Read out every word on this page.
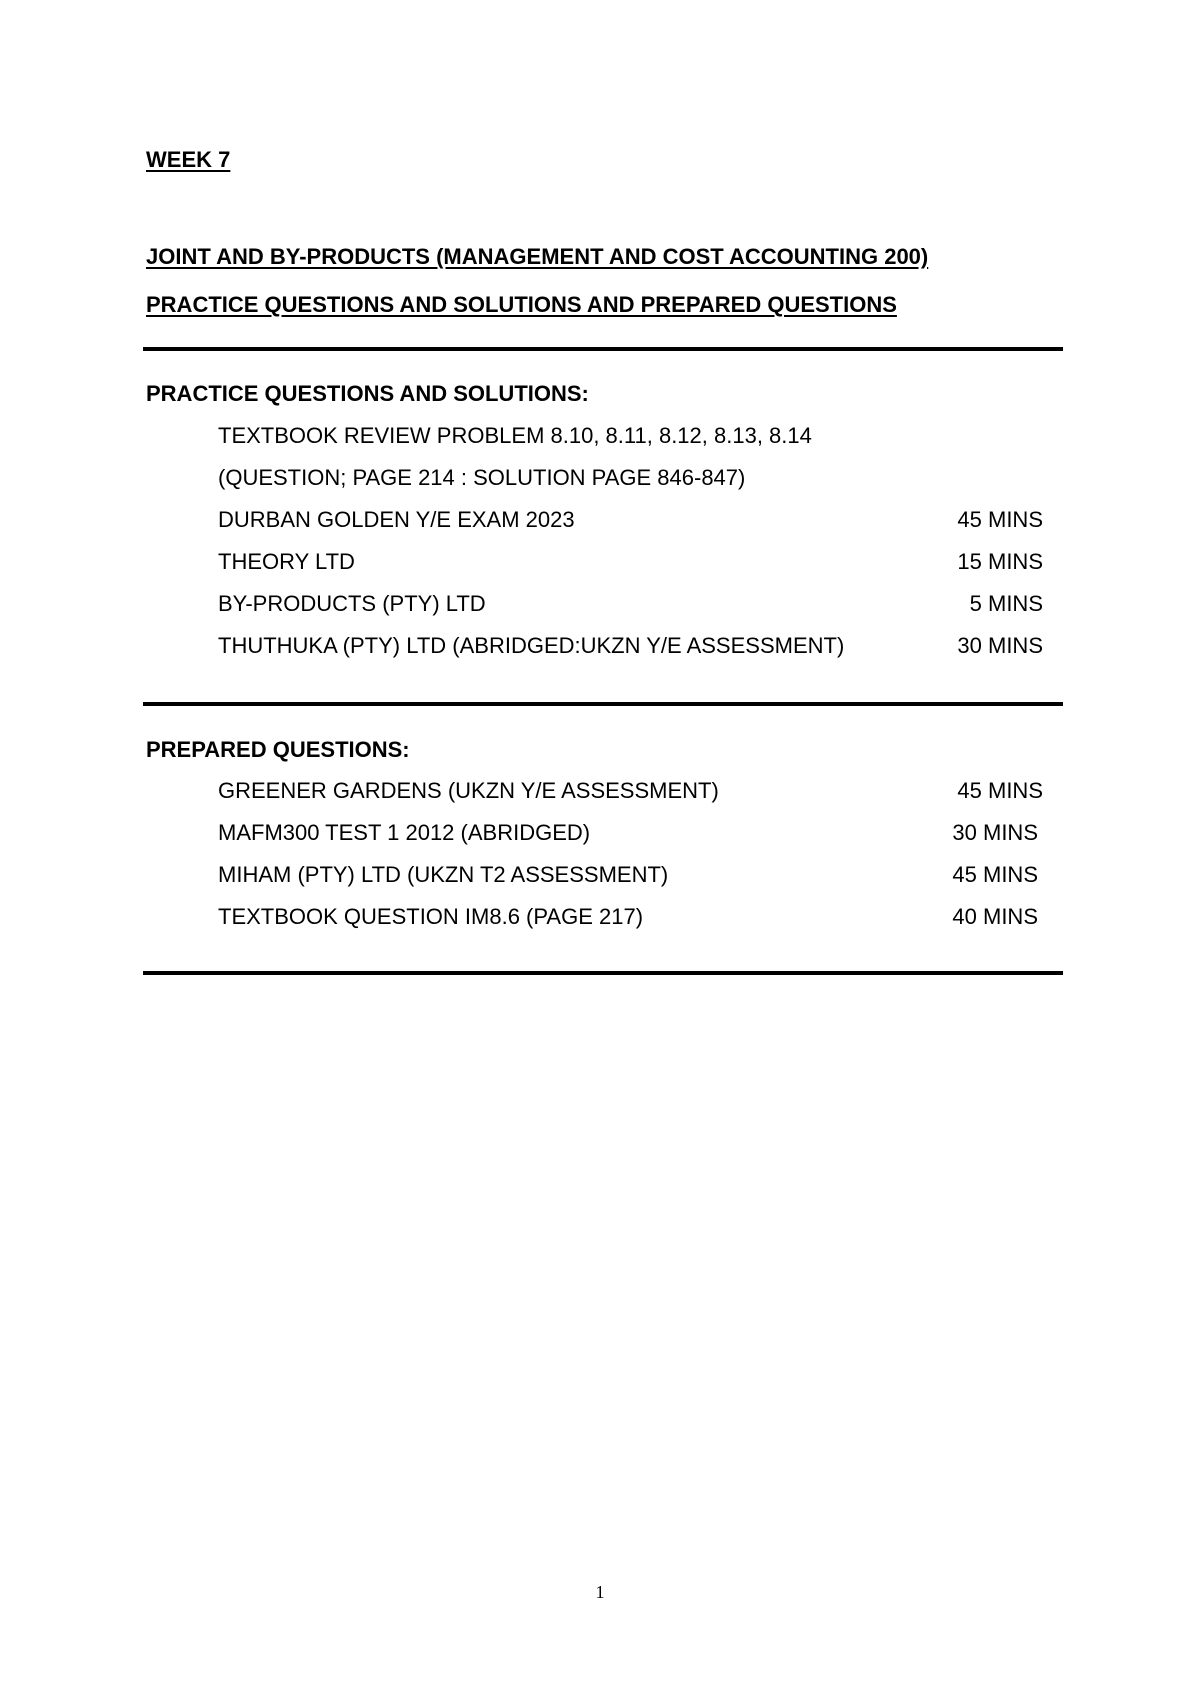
WEEK 7
JOINT AND BY-PRODUCTS (MANAGEMENT AND COST ACCOUNTING 200)
PRACTICE QUESTIONS AND SOLUTIONS AND PREPARED QUESTIONS
PRACTICE QUESTIONS AND SOLUTIONS:
TEXTBOOK REVIEW PROBLEM 8.10, 8.11, 8.12, 8.13, 8.14
(QUESTION; PAGE 214 : SOLUTION PAGE 846-847)
DURBAN GOLDEN Y/E EXAM 2023	45 MINS
THEORY LTD	15 MINS
BY-PRODUCTS (PTY) LTD	5 MINS
THUTHUKA (PTY) LTD (ABRIDGED:UKZN Y/E ASSESSMENT)	30 MINS
PREPARED QUESTIONS:
GREENER GARDENS (UKZN Y/E ASSESSMENT)	45 MINS
MAFM300 TEST 1 2012 (ABRIDGED)	30 MINS
MIHAM (PTY) LTD (UKZN T2 ASSESSMENT)	45 MINS
TEXTBOOK QUESTION IM8.6 (PAGE 217)	40 MINS
1
